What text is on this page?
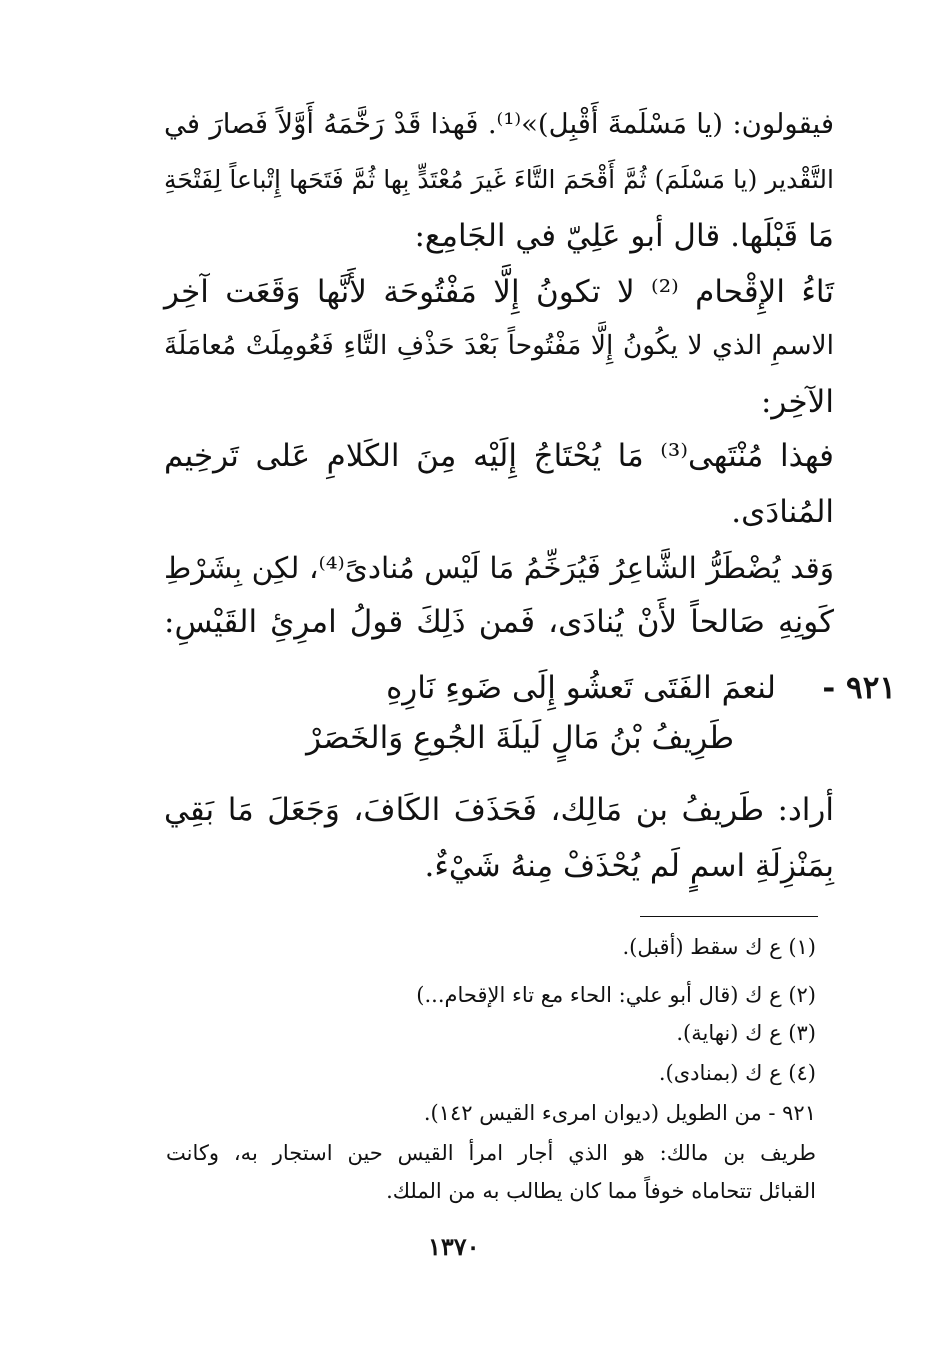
فيقولون: (يا مَسْلَمةَ أَقْبِل)»⁽¹⁾. فَهذا قَدْ رَخَّمَهُ أَوَّلاً فَصارَ في
التَّقْدير (يا مَسْلَمَ) ثُمَّ أَقْحَمَ التَّاءَ غَيرَ مُعْتَدٍّ بِها ثُمَّ فَتَحَها إِتْباعاً لِفَتْحَةِ
مَا قَبْلَها. قال أبو عَلِيّ في الجَامِع:
تَاءُ الإِقْحام ⁽²⁾ لا تكونُ إِلَّا مَفْتُوحَة لأَنَّها وَقَعَت آخِر
الاسمِ الذي لا يكُونُ إِلَّا مَفْتُوحاً بَعْدَ حَذْفِ التَّاءِ فَعُومِلَتْ مُعامَلَةَ
الآخِر:
فهذا مُنْتَهى⁽³⁾ مَا يُحْتَاجُ إِلَيْه مِنَ الكَلامِ عَلى تَرخِيم
المُنادَى.
وَقد يُضْطَرُّ الشَّاعِرُ فَيُرَخِّمُ مَا لَيْس مُنادىً⁽⁴⁾، لكِن بِشَرْطِ
كَونِهِ صَالحاً لأَنْ يُنادَى، فَمن ذَلِكَ قولُ امرِئِ القَيْسِ:
٩٢١ -
لنعمَ الفَتَى تَعشُو إِلَى ضَوءِ نَارِهِ
طَرِيفُ بْنُ مَالٍ لَيلَةَ الجُوعِ وَالخَصَرْ
أراد: طَريفُ بن مَالِك، فَحَذَفَ الكَافَ، وَجَعَلَ مَا بَقِي
بِمَنْزِلَةِ اسمٍ لَم يُحْذَفْ مِنهُ شَيْءٌ.
(١) ع ك سقط (أقبل).
(٢) ع ك (قال أبو علي: الحاء مع تاء الإقحام...)
(٣) ع ك (نهاية).
(٤) ع ك (بمنادى).
٩٢١ - من الطويل (ديوان امرىء القيس ١٤٢).
طريف بن مالك: هو الذي أجار امرأ القيس حين استجار به، وكانت
القبائل تتحاماه خوفاً مما كان يطالب به من الملك.
١٣٧٠
